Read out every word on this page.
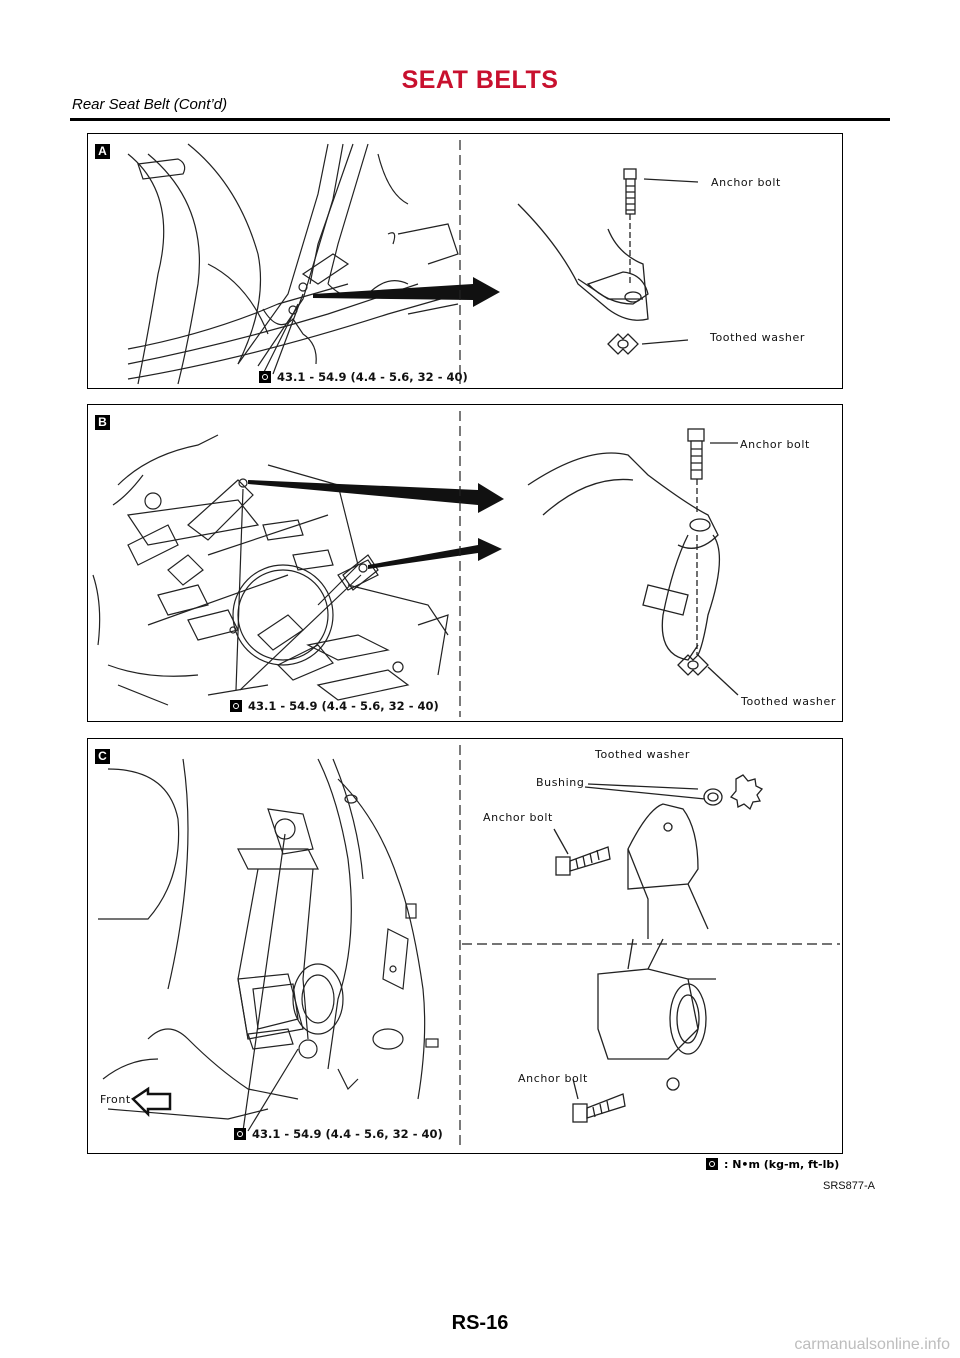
SEAT BELTS
Rear Seat Belt (Cont’d)
A
Anchor bolt
Toothed washer
43.1 - 54.9 (4.4 - 5.6, 32 - 40)
B
Anchor bolt
Toothed washer
43.1 - 54.9 (4.4 - 5.6, 32 - 40)
C	Toothed washer
Bushing
Anchor bolt
Anchor bolt
Front
43.1 - 54.9 (4.4 - 5.6, 32 - 40)
: N•m (kg-m, ft-lb)
SRS877-A
RS-16
carmanualsonline.info
